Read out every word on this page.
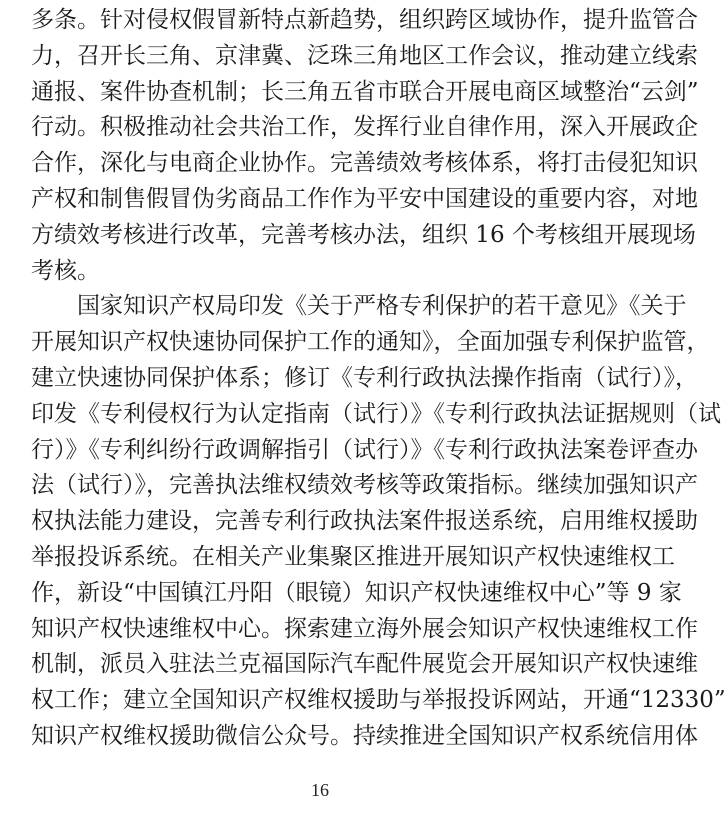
多条。针对侵权假冒新特点新趋势，组织跨区域协作，提升监管合
力，召开长三角、京津冀、泛珠三角地区工作会议，推动建立线索
通报、案件协查机制；长三角五省市联合开展电商区域整治“云剑”
行动。积极推动社会共治工作，发挥行业自律作用，深入开展政企
合作，深化与电商企业协作。完善绩效考核体系，将打击侵犯知识
产权和制售假冒伪劣商品工作作为平安中国建设的重要内容，对地
方绩效考核进行改革，完善考核办法，组织 16 个考核组开展现场
考核。
　　国家知识产权局印发《关于严格专利保护的若干意见》《关于
开展知识产权快速协同保护工作的通知》，全面加强专利保护监管，
建立快速协同保护体系；修订《专利行政执法操作指南（试行）》，
印发《专利侵权行为认定指南（试行）》《专利行政执法证据规则（试
行）》《专利纠纷行政调解指引（试行）》《专利行政执法案卷评查办
法（试行）》，完善执法维权绩效考核等政策指标。继续加强知识产
权执法能力建设，完善专利行政执法案件报送系统，启用维权援助
举报投诉系统。在相关产业集聚区推进开展知识产权快速维权工
作，新设“中国镇江丹阳（眼镜）知识产权快速维权中心”等 9 家
知识产权快速维权中心。探索建立海外展会知识产权快速维权工作
机制，派员入驻法兰克福国际汽车配件展览会开展知识产权快速维
权工作；建立全国知识产权维权援助与举报投诉网站，开通“12330”
知识产权维权援助微信公众号。持续推进全国知识产权系统信用体
16
